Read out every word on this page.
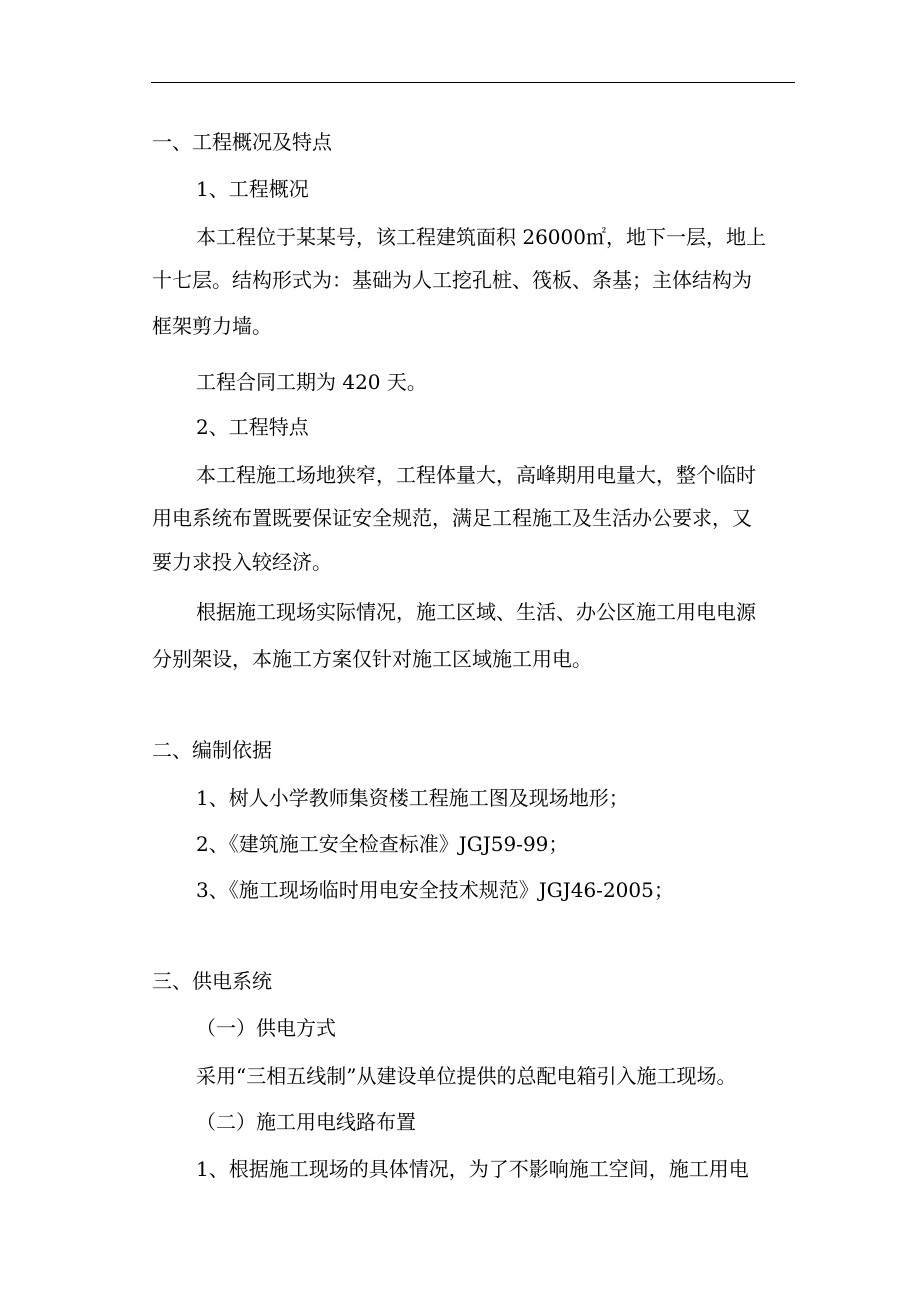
一、工程概况及特点
1、工程概况
本工程位于某某号，该工程建筑面积 26000㎡，地下一层，地上
十七层。结构形式为：基础为人工挖孔桩、筏板、条基；主体结构为
框架剪力墙。
工程合同工期为 420 天。
2、工程特点
本工程施工场地狭窄，工程体量大，高峰期用电量大，整个临时
用电系统布置既要保证安全规范，满足工程施工及生活办公要求，又
要力求投入较经济。
根据施工现场实际情况，施工区域、生活、办公区施工用电电源
分别架设，本施工方案仅针对施工区域施工用电。
二、编制依据
1、树人小学教师集资楼工程施工图及现场地形；
2、《建筑施工安全检查标准》JGJ59-99；
3、《施工现场临时用电安全技术规范》JGJ46-2005；
三、供电系统
（一）供电方式
采用“三相五线制”从建设单位提供的总配电箱引入施工现场。
（二）施工用电线路布置
1、根据施工现场的具体情况，为了不影响施工空间，施工用电
